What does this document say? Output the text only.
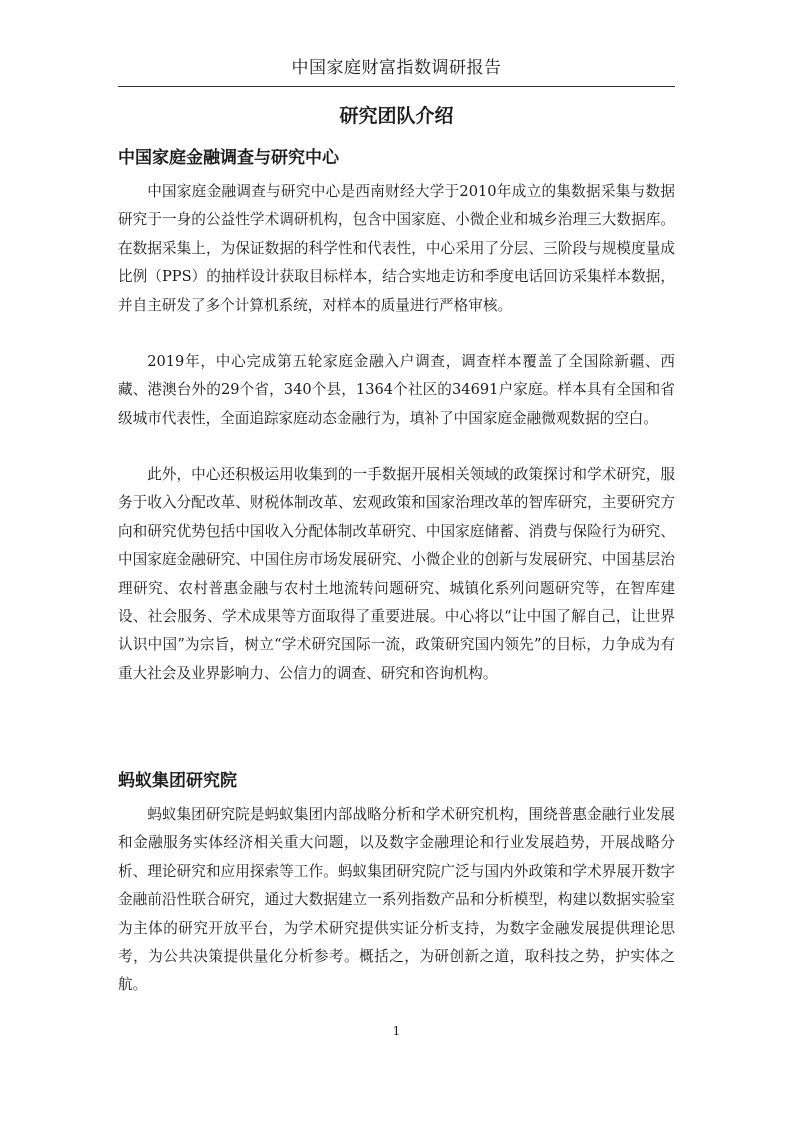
中国家庭财富指数调研报告
研究团队介绍
中国家庭金融调查与研究中心

中国家庭金融调查与研究中心是西南财经大学于2010年成立的集数据采集与数据研究于一身的公益性学术调研机构，包含中国家庭、小微企业和城乡治理三大数据库。在数据采集上，为保证数据的科学性和代表性，中心采用了分层、三阶段与规模度量成比例（PPS）的抽样设计获取目标样本，结合实地走访和季度电话回访采集样本数据，并自主研发了多个计算机系统，对样本的质量进行严格审核。

2019年，中心完成第五轮家庭金融入户调查，调查样本覆盖了全国除新疆、西藏、港澳台外的29个省，340个县，1364个社区的34691户家庭。样本具有全国和省级城市代表性，全面追踪家庭动态金融行为，填补了中国家庭金融微观数据的空白。

此外，中心还积极运用收集到的一手数据开展相关领域的政策探讨和学术研究，服务于收入分配改革、财税体制改革、宏观政策和国家治理改革的智库研究，主要研究方向和研究优势包括中国收入分配体制改革研究、中国家庭储蓄、消费与保险行为研究、中国家庭金融研究、中国住房市场发展研究、小微企业的创新与发展研究、中国基层治理研究、农村普惠金融与农村土地流转问题研究、城镇化系列问题研究等，在智库建设、社会服务、学术成果等方面取得了重要进展。中心将以“让中国了解自己，让世界认识中国”为宗旨，树立“学术研究国际一流，政策研究国内领先”的目标，力争成为有重大社会及业界影响力、公信力的调查、研究和咨询机构。

蚂蚁集团研究院

蚂蚁集团研究院是蚂蚁集团内部战略分析和学术研究机构，围绕普惠金融行业发展和金融服务实体经济相关重大问题，以及数字金融理论和行业发展趋势，开展战略分析、理论研究和应用探索等工作。蚂蚁集团研究院广泛与国内外政策和学术界展开数字金融前沿性联合研究，通过大数据建立一系列指数产品和分析模型，构建以数据实验室为主体的研究开放平台，为学术研究提供实证分析支持，为数字金融发展提供理论思考，为公共决策提供量化分析参考。概括之，为研创新之道，取科技之势，护实体之航。

1
